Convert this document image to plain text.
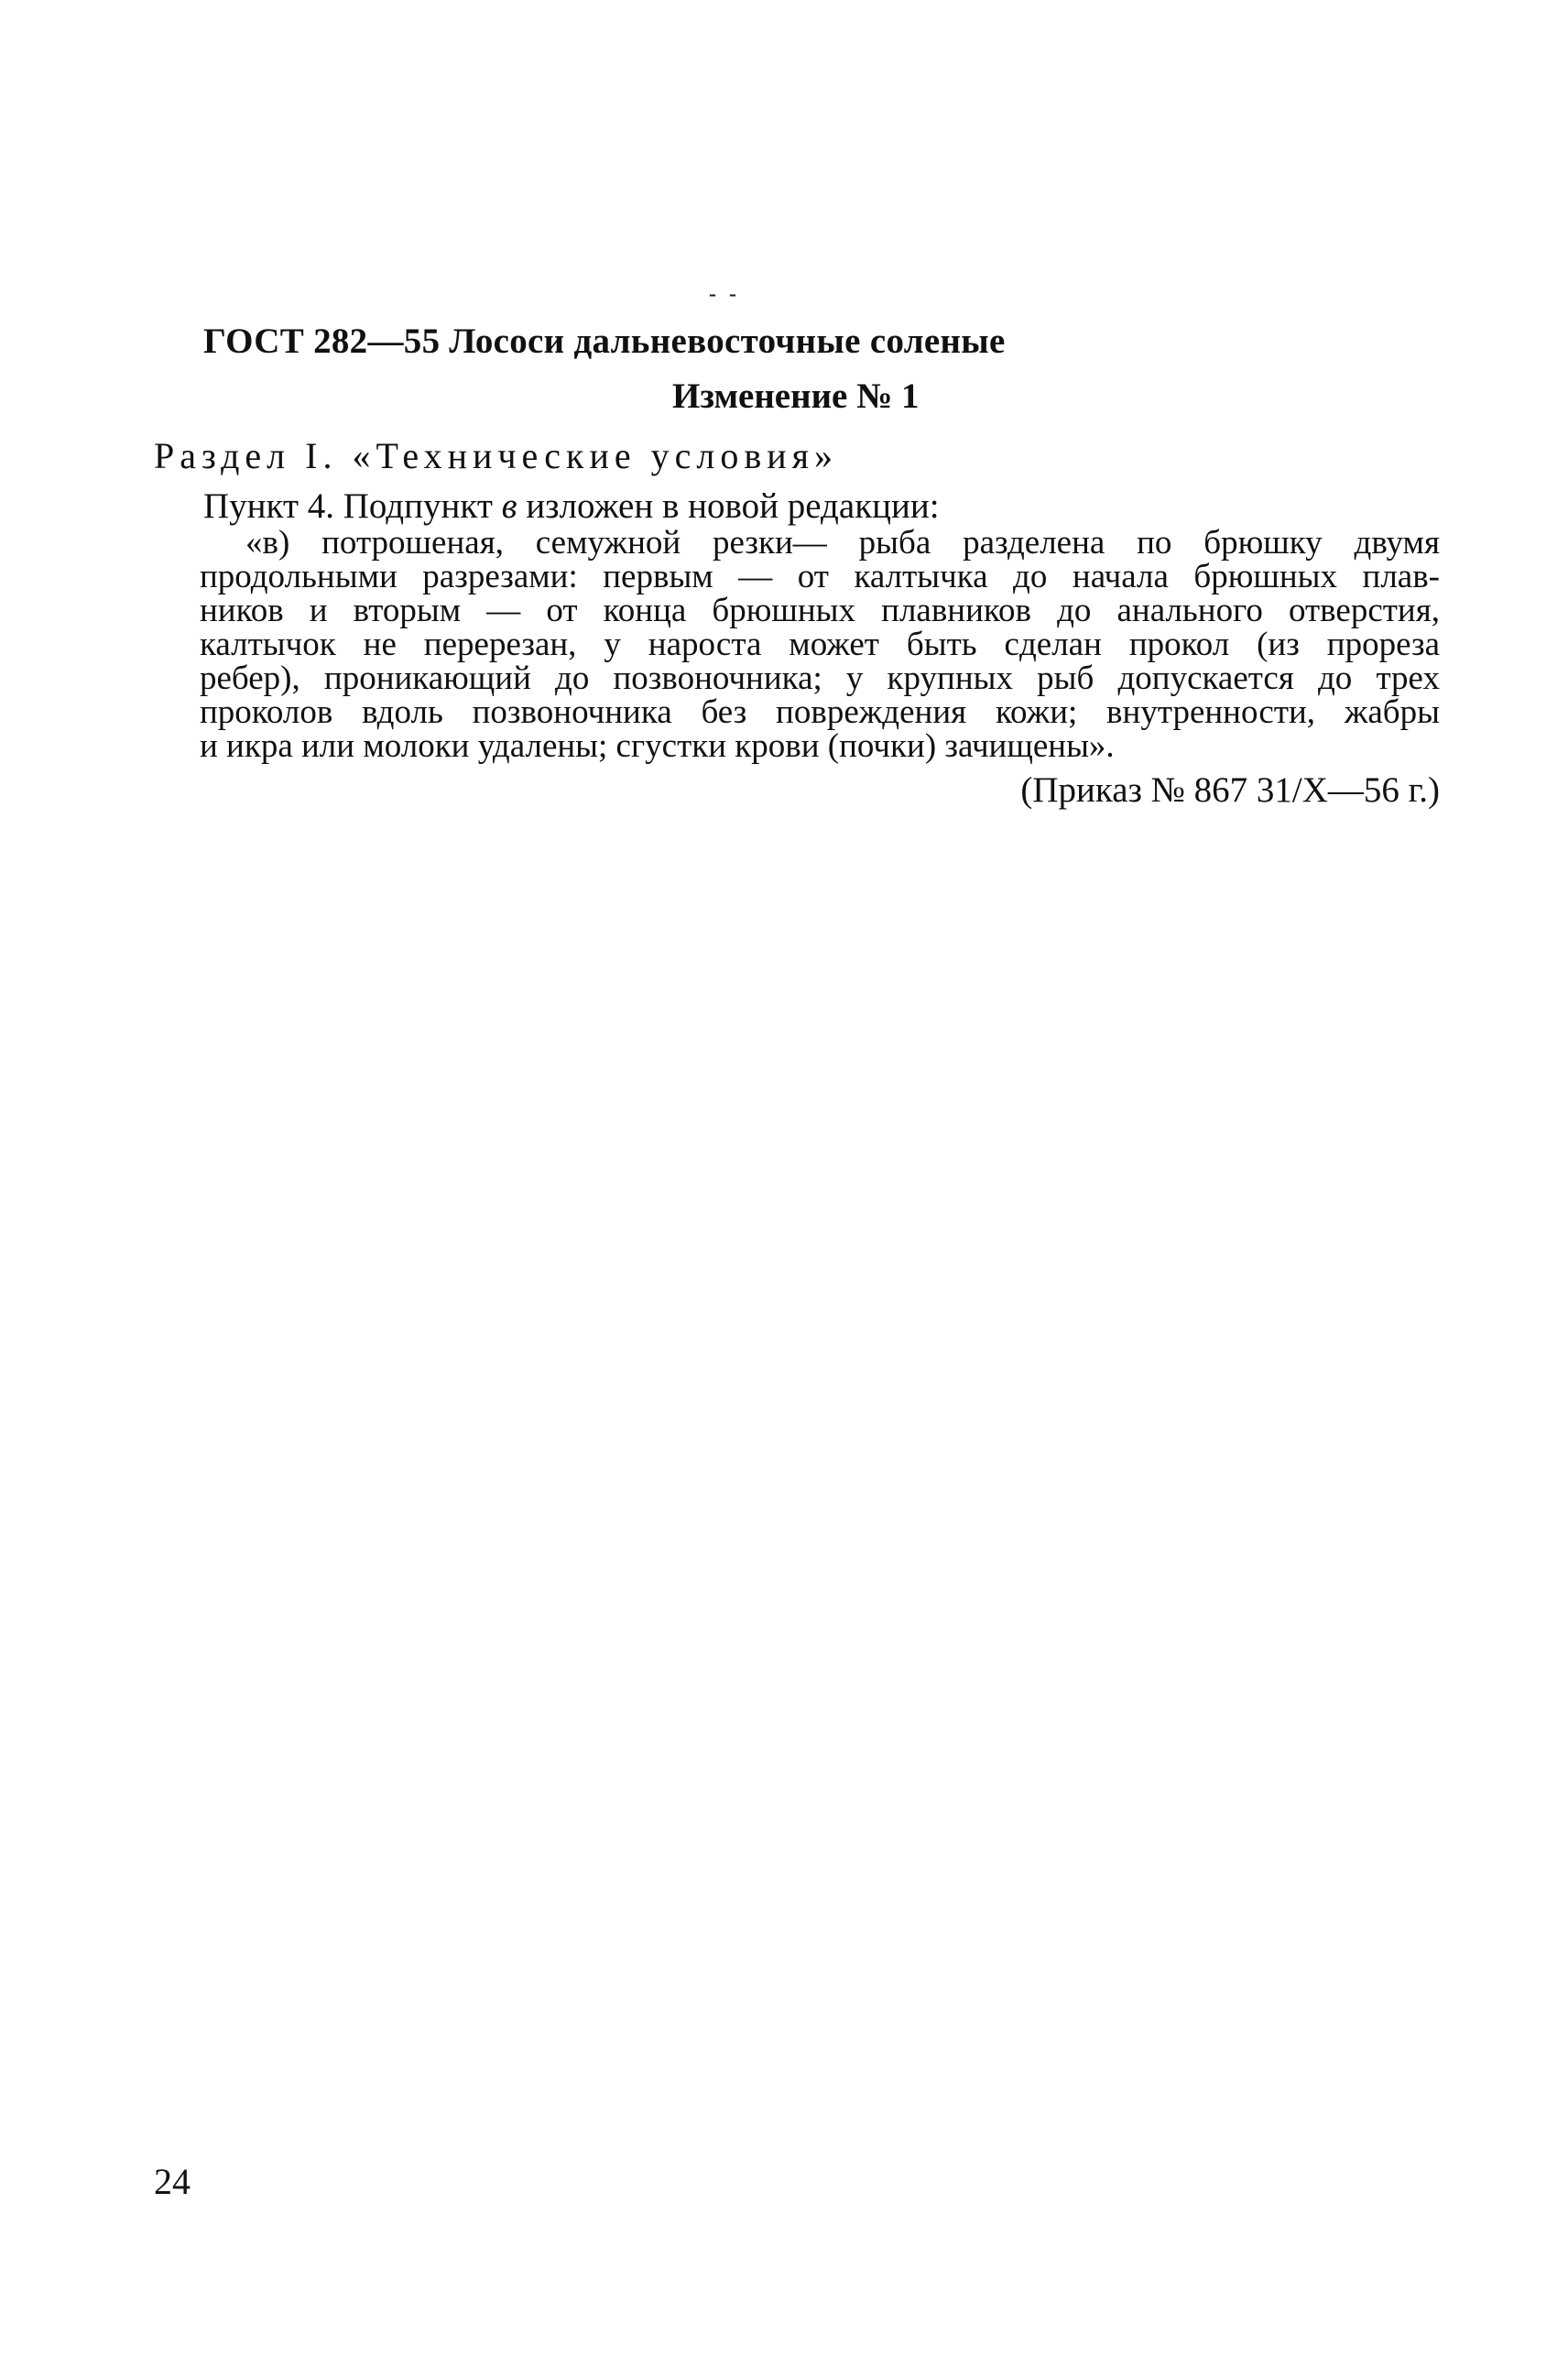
- -
ГОСТ 282—55 Лососи дальневосточные соленые
Изменение № 1
Раздел I. «Технические условия»
Пункт 4. Подпункт в изложен в новой редакции:
«в) потрошеная, семужной резки— рыба разделена по брюшку двумя
продольными разрезами: первым — от калтычка до начала брюшных плав-
ников и вторым — от конца брюшных плавников до анального отверстия,
калтычок не перерезан, у нароста может быть сделан прокол (из прореза
ребер), проникающий до позвоночника; у крупных рыб допускается до трех
проколов вдоль позвоночника без повреждения кожи; внутренности, жабры
и икра или молоки удалены; сгустки крови (почки) зачищены».
(Приказ № 867 31/X—56 г.)
24
